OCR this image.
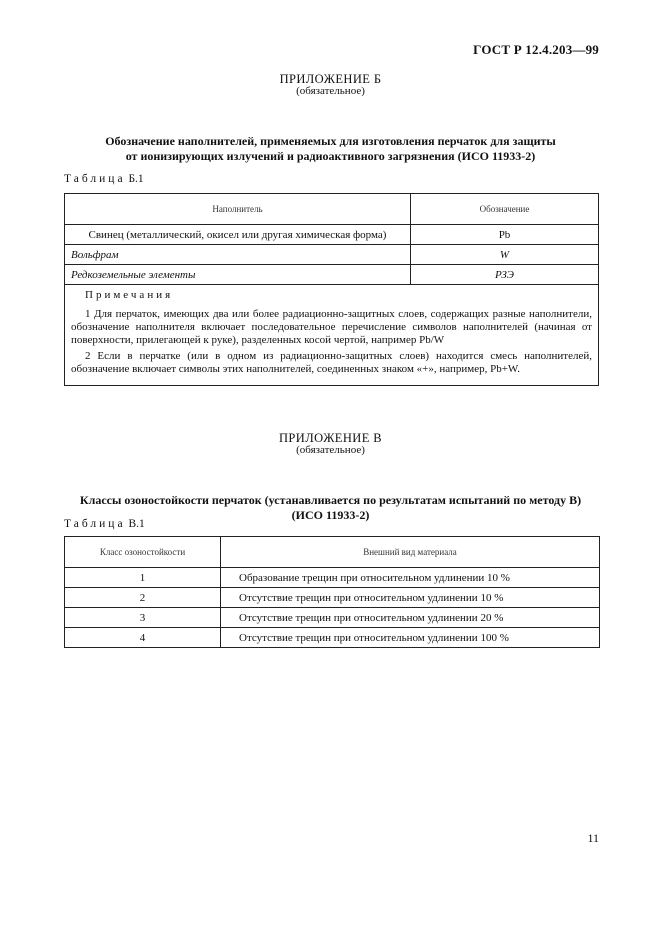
ГОСТ Р 12.4.203—99
ПРИЛОЖЕНИЕ Б
(обязательное)
Обозначение наполнителей, применяемых для изготовления перчаток для защиты
от ионизирующих излучений и радиоактивного загрязнения (ИСО 11933-2)
Таблица Б.1
Наполнитель	Обозначение
Свинец (металлический, окисел или другая химическая форма)	Pb
Вольфрам	W
Редкоземельные элементы	РЗЭ

Примечания

1 Для перчаток, имеющих два или более радиационно-защитных слоев, содержащих разные наполнители, обозначение наполнителя включает последовательное перечисление символов наполнителей (начиная от поверхности, прилегающей к руке), разделенных косой чертой, например Pb/W

2 Если в перчатке (или в одном из радиационно-защитных слоев) находится смесь наполнителей, обозначение включает символы этих наполнителей, соединенных знаком «+», например, Pb+W.	

ПРИЛОЖЕНИЕ В
(обязательное)
Классы озоностойкости перчаток (устанавливается по результатам испытаний по методу В)
(ИСО 11933-2)
Таблица В.1
Класс озоностойкости	Внешний вид материала
1	Образование трещин при относительном удлинении 10 %
2	Отсутствие трещин при относительном удлинении 10 %
3	Отсутствие трещин при относительном удлинении 20 %
4	Отсутствие трещин при относительном удлинении 100 %
11
